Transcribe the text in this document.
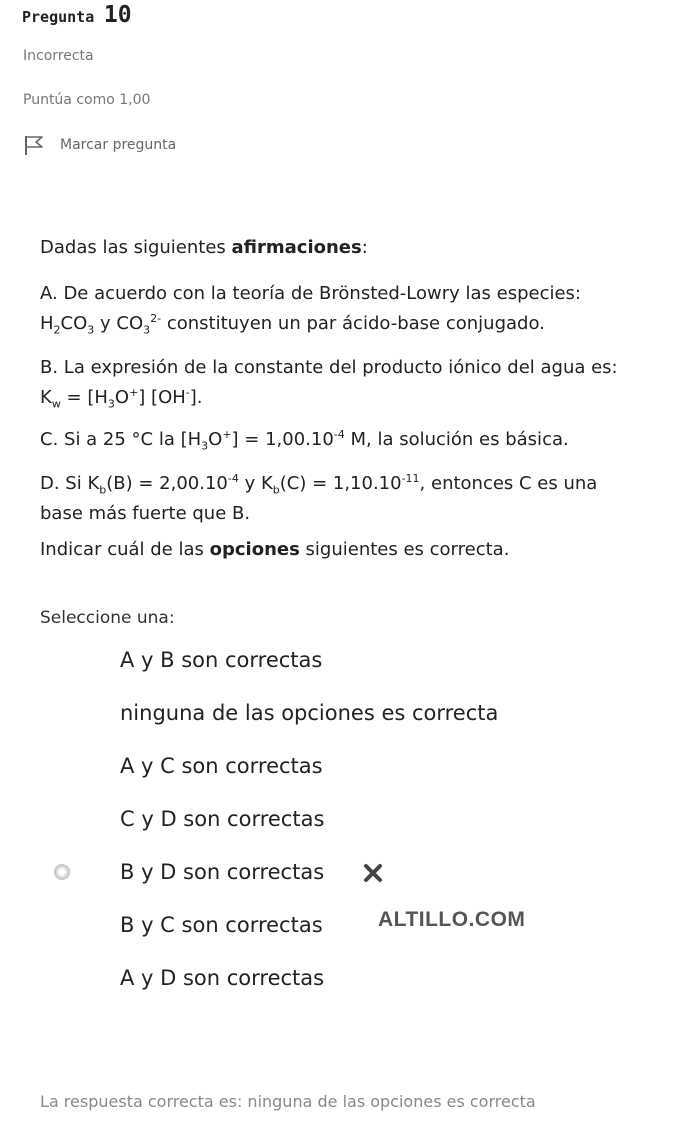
Pregunta 10
Incorrecta
Puntúa como 1,00
Marcar pregunta

Dadas las siguientes afirmaciones:

A. De acuerdo con la teoría de Brönsted-Lowry las especies:

$H_2CO_3$ y $CO_3^{2-}$ constituyen un par ácido-base conjugado.

B. La expresión de la constante del producto iónico del agua es:

$K_w = [H_3O^+]$ [OH-].

C. Si a 25 °C la $[H_3O^+] = 1,00.10^{-4}$ M, la solución es básica.

D. Si $K_b(B) = 2,00.10^{-4}$ y $K_b(C) = 1,10.10^{-11}$, entonces C es una

base más fuerte que B.

Indicar cuál de las opciones siguientes es correcta.

Seleccione una:
A y B son correctas
ninguna de las opciones es correcta
A y C son correctas
C y D son correctas
B y D son correctas
B y C son correctas
A y D son correctas
ALTILLO.COM
La respuesta correcta es: ninguna de las opciones es correcta
